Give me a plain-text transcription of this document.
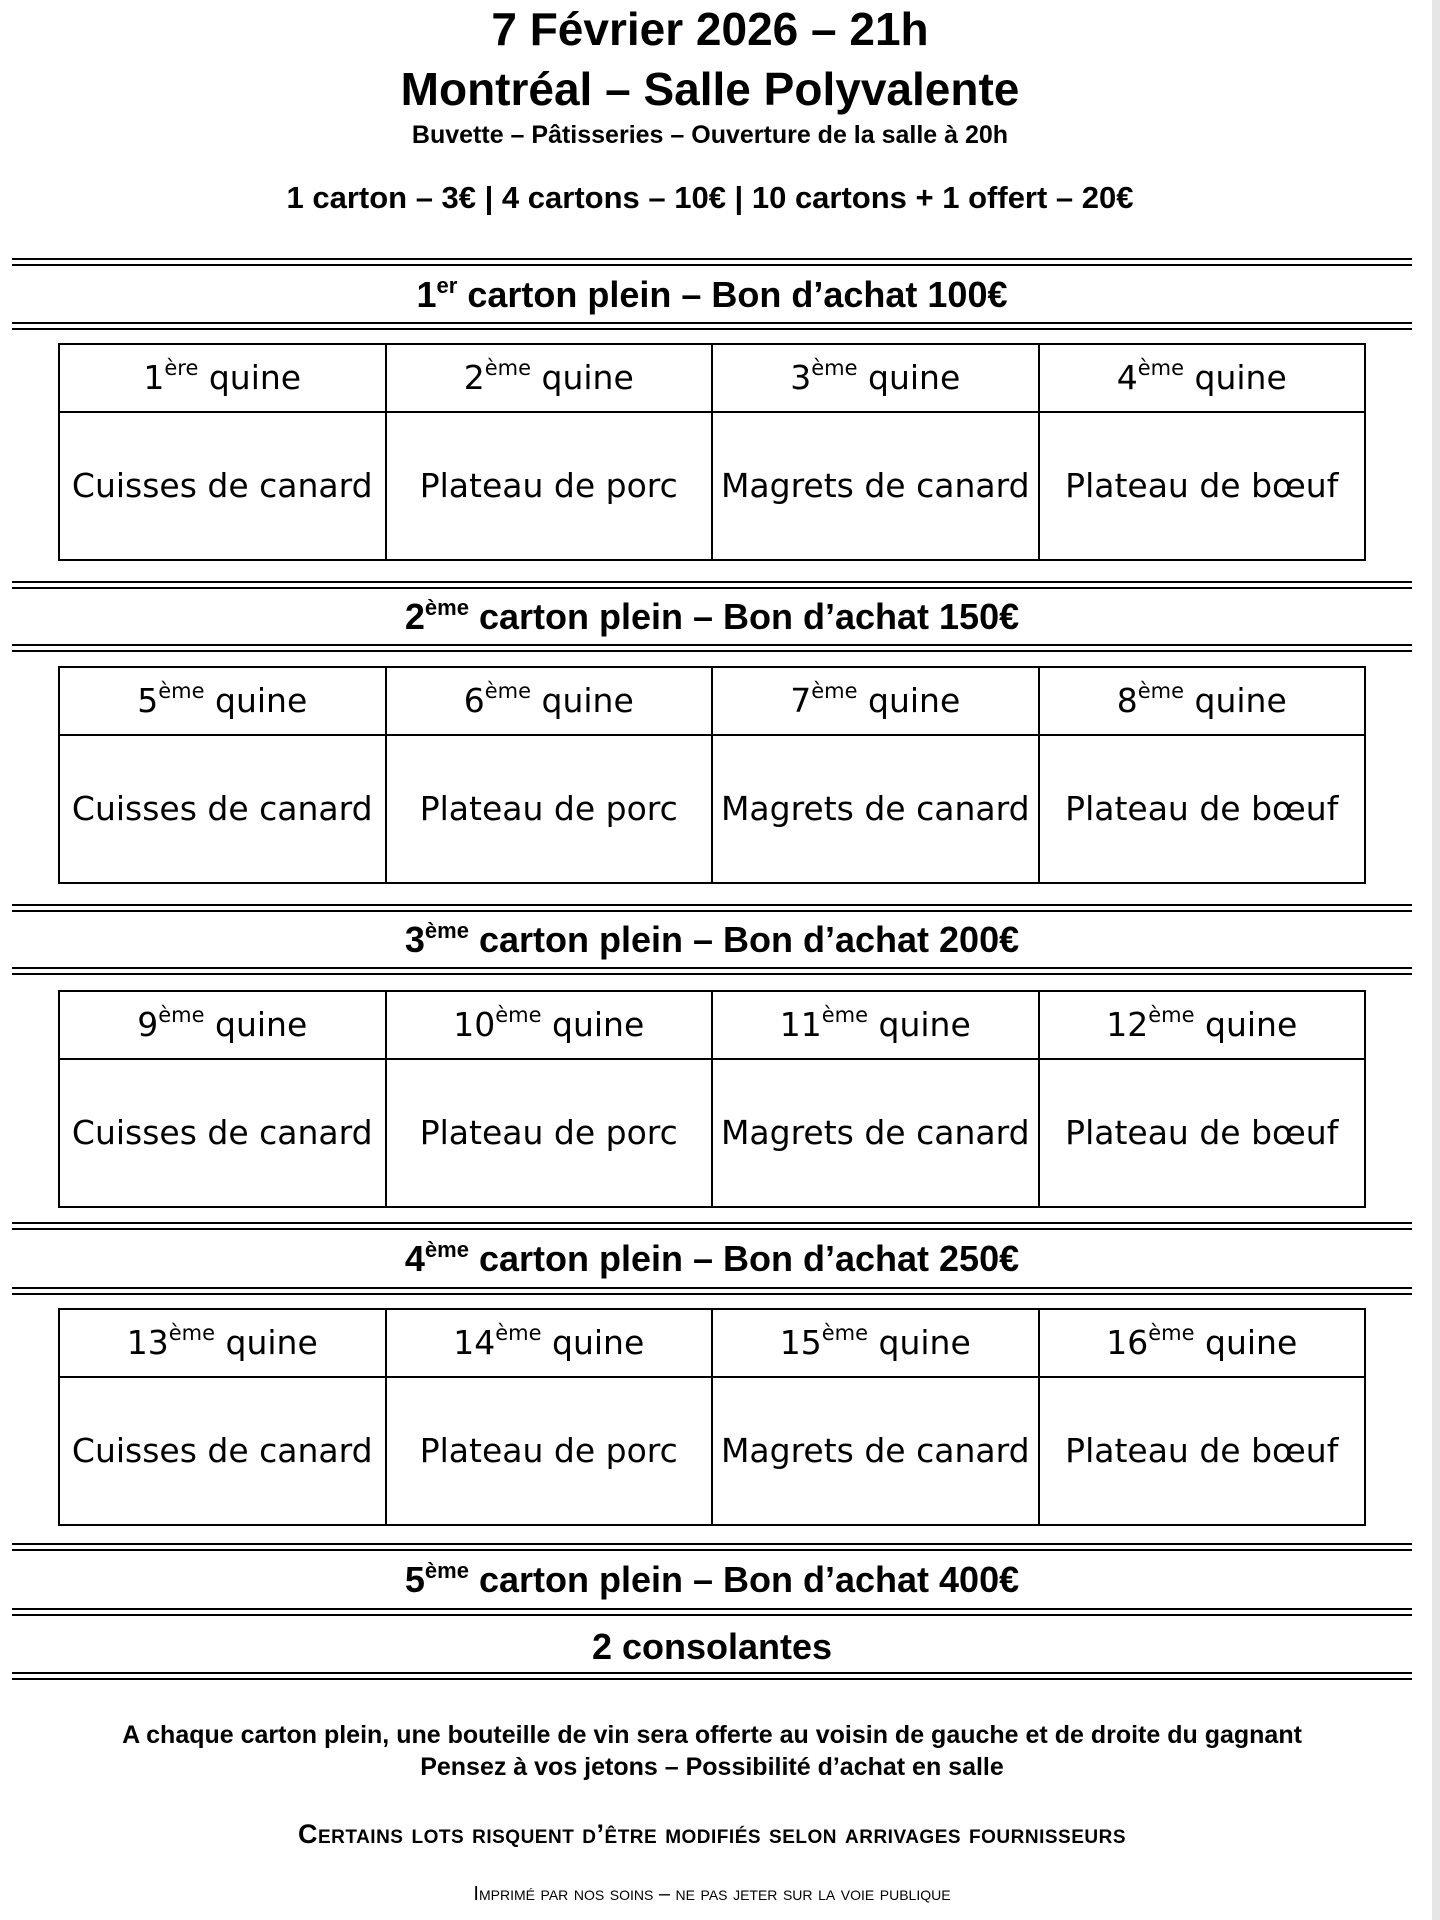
7 Février 2026 – 21h
Montréal – Salle Polyvalente
Buvette – Pâtisseries – Ouverture de la salle à 20h
1 carton – 3€ | 4 cartons – 10€ | 10 cartons + 1 offert – 20€
1er carton plein – Bon d’achat 100€
1ère quine	2ème quine	3ème quine	4ème quine
Cuisses de canard	Plateau de porc	Magrets de canard	Plateau de bœuf
2ème carton plein – Bon d’achat 150€
5ème quine	6ème quine	7ème quine	8ème quine
Cuisses de canard	Plateau de porc	Magrets de canard	Plateau de bœuf
3ème carton plein – Bon d’achat 200€
9ème quine	10ème quine	11ème quine	12ème quine
Cuisses de canard	Plateau de porc	Magrets de canard	Plateau de bœuf
4ème carton plein – Bon d’achat 250€
13ème quine	14ème quine	15ème quine	16ème quine
Cuisses de canard	Plateau de porc	Magrets de canard	Plateau de bœuf
5ème carton plein – Bon d’achat 400€
2 consolantes
A chaque carton plein, une bouteille de vin sera offerte au voisin de gauche et de droite du gagnant
Pensez à vos jetons – Possibilité d’achat en salle
Certains lots risquent d’être modifiés selon arrivages fournisseurs
Imprimé par nos soins – ne pas jeter sur la voie publique
